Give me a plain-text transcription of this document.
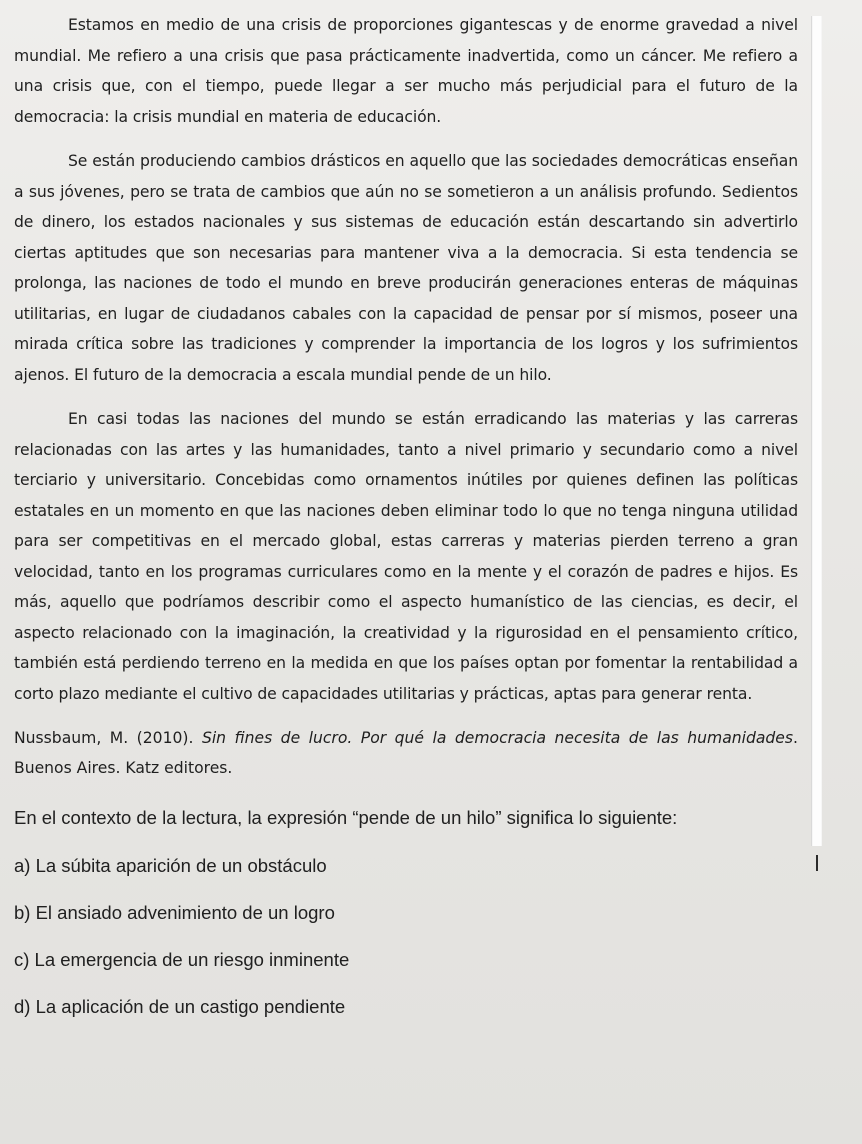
Estamos en medio de una crisis de proporciones gigantescas y de enorme gravedad a nivel mundial. Me refiero a una crisis que pasa prácticamente inadvertida, como un cáncer. Me refiero a una crisis que, con el tiempo, puede llegar a ser mucho más perjudicial para el futuro de la democracia: la crisis mundial en materia de educación.

Se están produciendo cambios drásticos en aquello que las sociedades democráticas enseñan a sus jóvenes, pero se trata de cambios que aún no se sometieron a un análisis profundo. Sedientos de dinero, los estados nacionales y sus sistemas de educación están descartando sin advertirlo ciertas aptitudes que son necesarias para mantener viva a la democracia. Si esta tendencia se prolonga, las naciones de todo el mundo en breve producirán generaciones enteras de máquinas utilitarias, en lugar de ciudadanos cabales con la capacidad de pensar por sí mismos, poseer una mirada crítica sobre las tradiciones y comprender la importancia de los logros y los sufrimientos ajenos. El futuro de la democracia a escala mundial pende de un hilo.

En casi todas las naciones del mundo se están erradicando las materias y las carreras relacionadas con las artes y las humanidades, tanto a nivel primario y secundario como a nivel terciario y universitario. Concebidas como ornamentos inútiles por quienes definen las políticas estatales en un momento en que las naciones deben eliminar todo lo que no tenga ninguna utilidad para ser competitivas en el mercado global, estas carreras y materias pierden terreno a gran velocidad, tanto en los programas curriculares como en la mente y el corazón de padres e hijos. Es más, aquello que podríamos describir como el aspecto humanístico de las ciencias, es decir, el aspecto relacionado con la imaginación, la creatividad y la rigurosidad en el pensamiento crítico, también está perdiendo terreno en la medida en que los países optan por fomentar la rentabilidad a corto plazo mediante el cultivo de capacidades utilitarias y prácticas, aptas para generar renta.

Nussbaum, M. (2010). Sin fines de lucro. Por qué la democracia necesita de las humanidades. Buenos Aires. Katz editores.
En el contexto de la lectura, la expresión “pende de un hilo” significa lo siguiente:
a) La súbita aparición de un obstáculo
b) El ansiado advenimiento de un logro
c) La emergencia de un riesgo inminente
d) La aplicación de un castigo pendiente
